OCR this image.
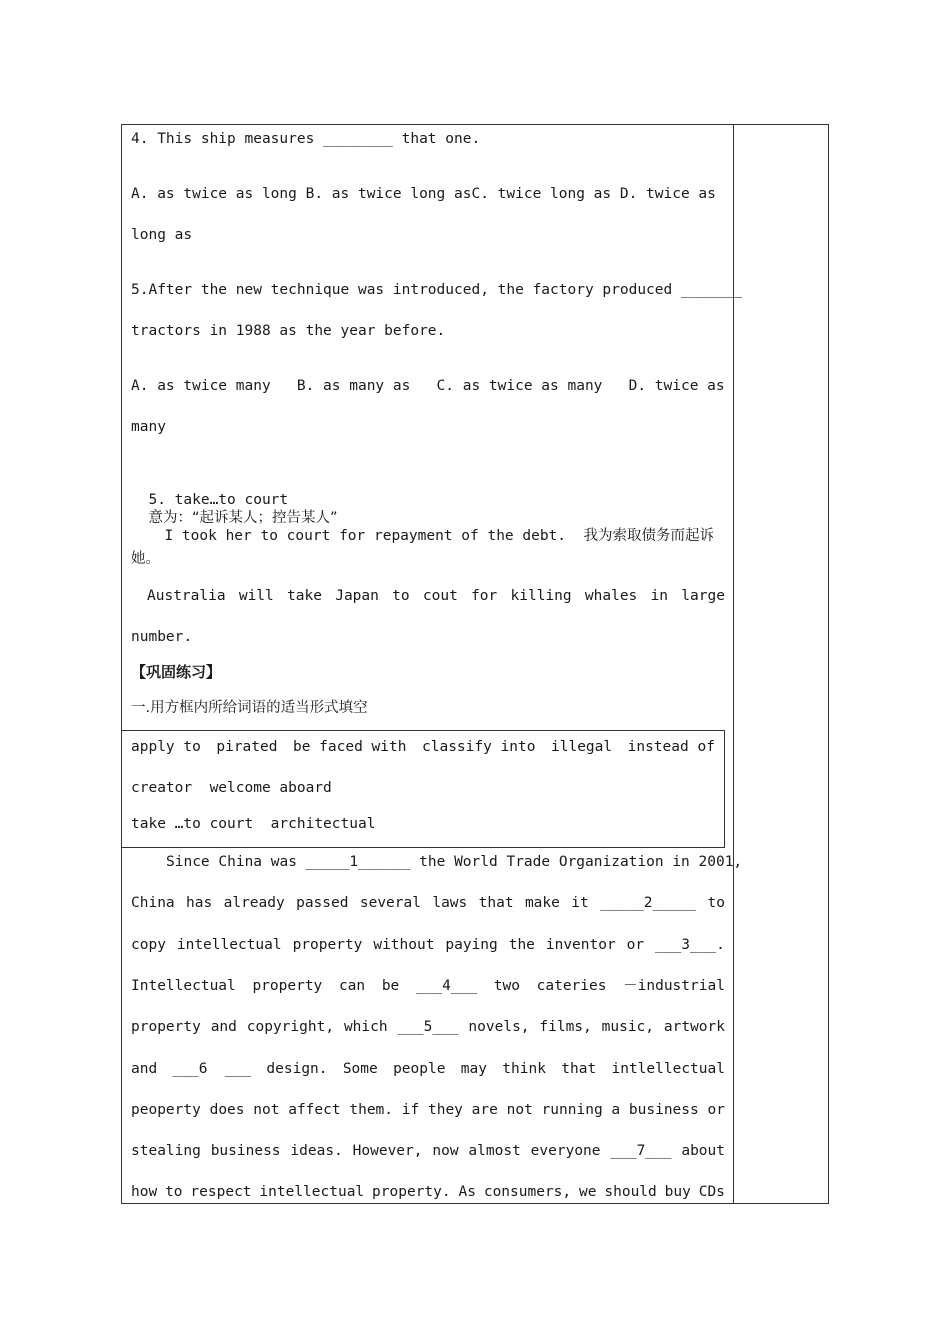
4. This ship measures ________ that one.
A. as twice as long B. as twice long asC. twice long as D. twice as
long as
5.After the new technique was introduced, the factory produced _______
tractors in 1988 as the year before.
A. as twice many   B. as many as   C. as twice as many   D. twice as
many

5. take…to court
意为：“起诉某人；控告某人”

I took her to court for repayment of the debt. 我为索取债务而起诉

她。
Australia will take Japan to cout for killing whales in large
number.
【巩固练习】
一.用方框内所给词语的适当形式填空
apply to pirated be faced with classify into illegal instead of
creator  welcome aboard
take …to court  architectual
Since China was _____1______ the World Trade Organization in 2001,
China has already passed several laws that make it _____2_____ to
copy intellectual property without paying the inventor or ___3___.
Intellectual property can be ___4___ two cateries －industrial
property and copyright, which ___5___ novels, films, music, artwork
and ___6  ___ design. Some people may think that intlellectual
peoperty does not affect them. if they are not running a business or
stealing business ideas. However, now almost everyone ___7___ about
how to respect intellectual property. As consumers, we should buy CDs
